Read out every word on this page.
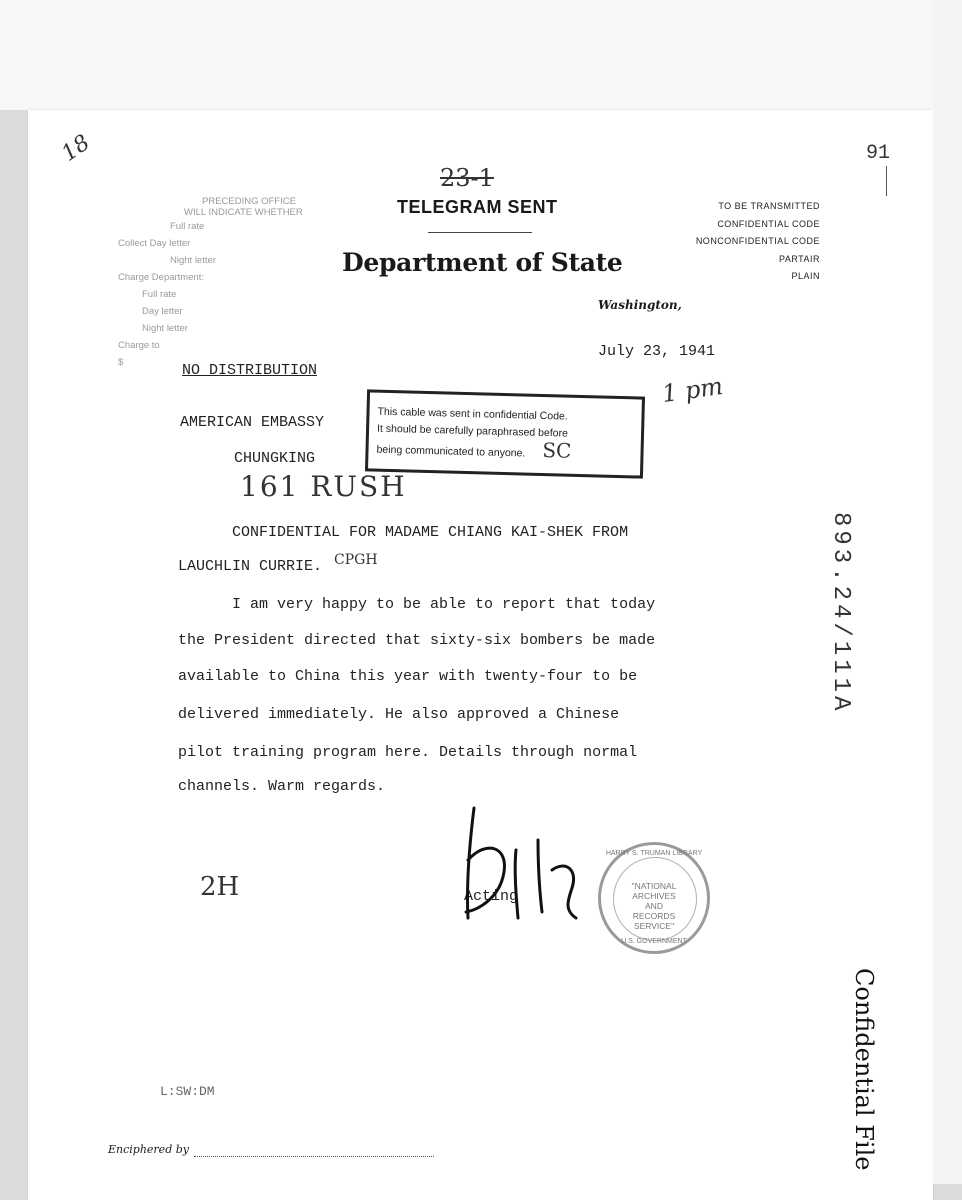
18
23-1
TELEGRAM SENT
Department of State
Washington,
91
PRECEDING OFFICE
WILL INDICATE WHETHER
Full rate
Collect Day letter
Night letter
Charge Department:
Full rate
Day letter
Night letter
Charge to
$
TO BE TRANSMITTED
CONFIDENTIAL CODE
NONCONFIDENTIAL CODE
PARTAIR
PLAIN
July 23, 1941
1 pm
NO DISTRIBUTION
AMERICAN EMBASSY
CHUNGKING
161 RUSH
This cable was sent in confidential Code.
It should be carefully paraphrased before
being communicated to anyone. SC
CONFIDENTIAL FOR MADAME CHIANG KAI-SHEK FROM
LAUCHLIN CURRIE. CPGH
I am very happy to be able to report that today
the President directed that sixty-six bombers be made
available to China this year with twenty-four to be
delivered immediately. He also approved a Chinese
pilot training program here. Details through normal
channels. Warm regards.
Acting
2H
HARRY S. TRUMAN LIBRARY
"NATIONAL ARCHIVES AND RECORDS SERVICE"
U.S. GOVERNMENT
893.24/111A
Confidential File
L:SW:DM
Enciphered by
